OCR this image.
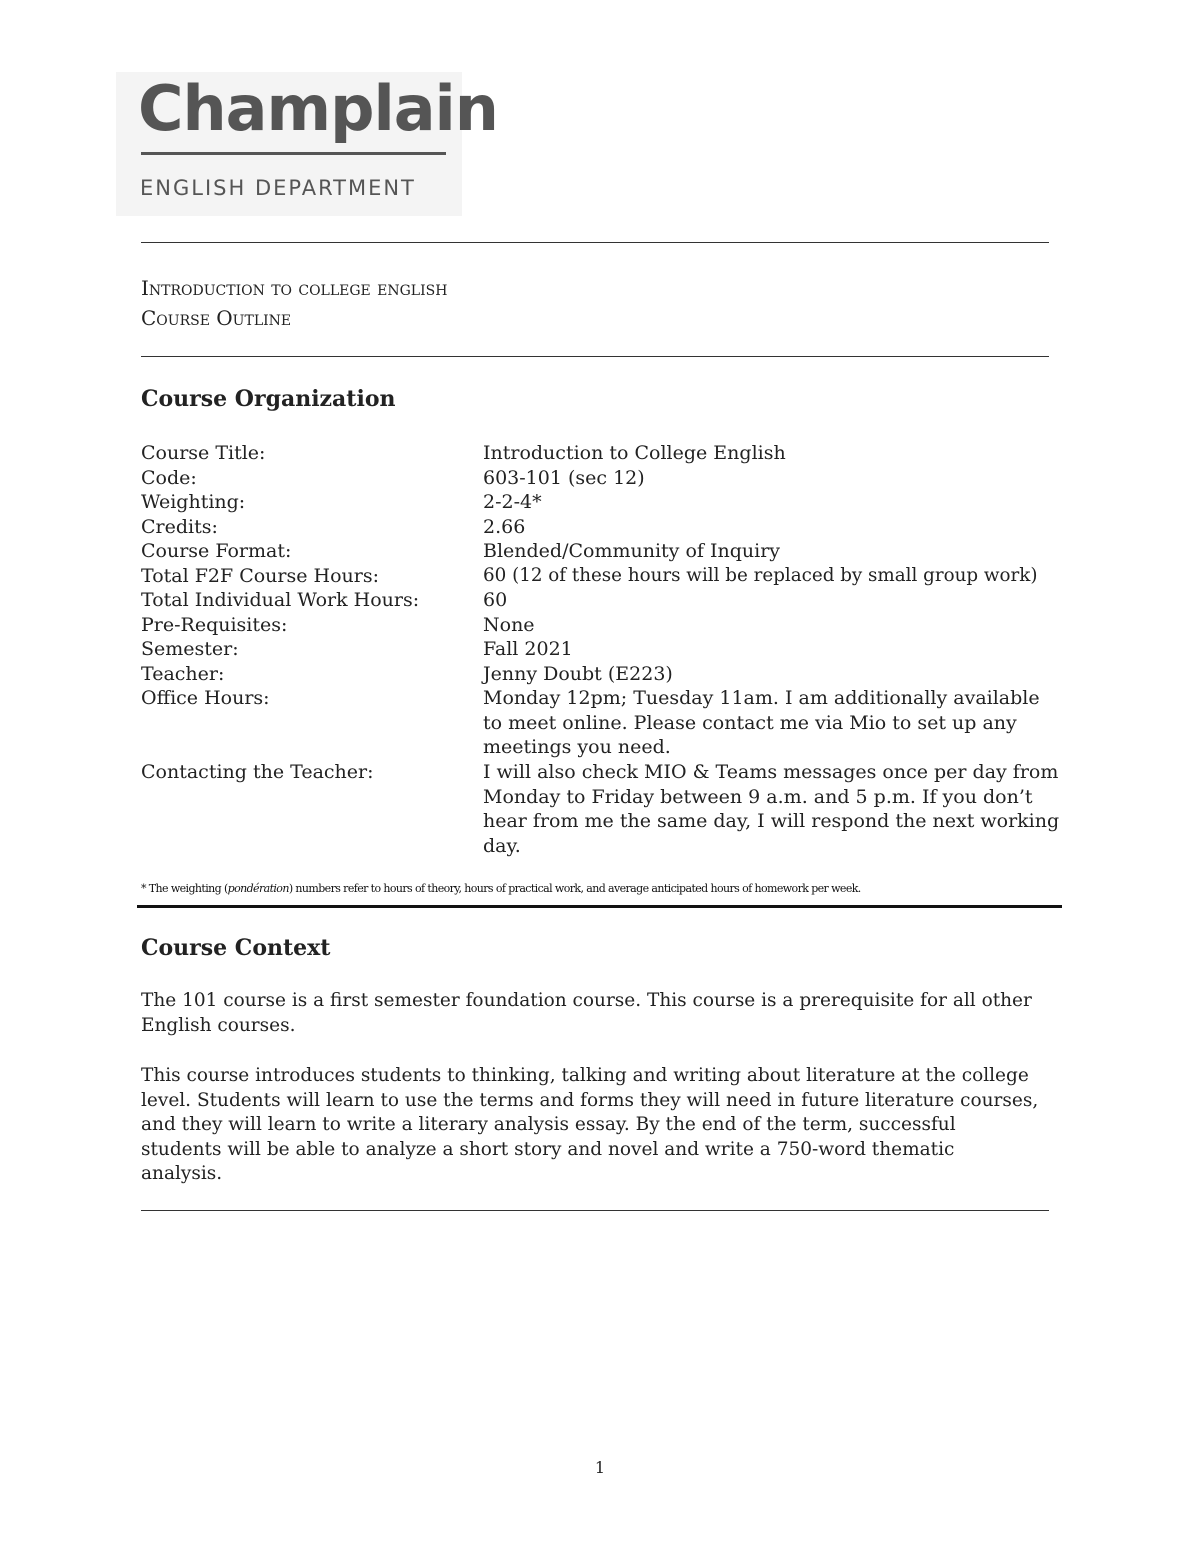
Champlain
ENGLISH DEPARTMENT
Introduction to college english
Course Outline
Course Organization
Course Title:	Introduction to College English
Code:	603-101 (sec 12)
Weighting:	2-2-4*
Credits:	2.66
Course Format:	Blended/Community of Inquiry
Total F2F Course Hours:	60 (12 of these hours will be replaced by small group work)
Total Individual Work Hours:	60
Pre-Requisites:	None
Semester:	Fall 2021
Teacher:	Jenny Doubt (E223)
Office Hours:	Monday 12pm; Tuesday 11am. I am additionally available to meet online. Please contact me via Mio to set up any meetings you need.
Contacting the Teacher:	I will also check MIO & Teams messages once per day from Monday to Friday between 9 a.m. and 5 p.m. If you don’t hear from me the same day, I will respond the next working day.
* The weighting (pondération) numbers refer to hours of theory, hours of practical work, and average anticipated hours of homework per week.
Course Context
The 101 course is a first semester foundation course. This course is a prerequisite for all other English courses.
This course introduces students to thinking, talking and writing about literature at the college level. Students will learn to use the terms and forms they will need in future literature courses, and they will learn to write a literary analysis essay. By the end of the term, successful students will be able to analyze a short story and novel and write a 750-word thematic analysis.
1
